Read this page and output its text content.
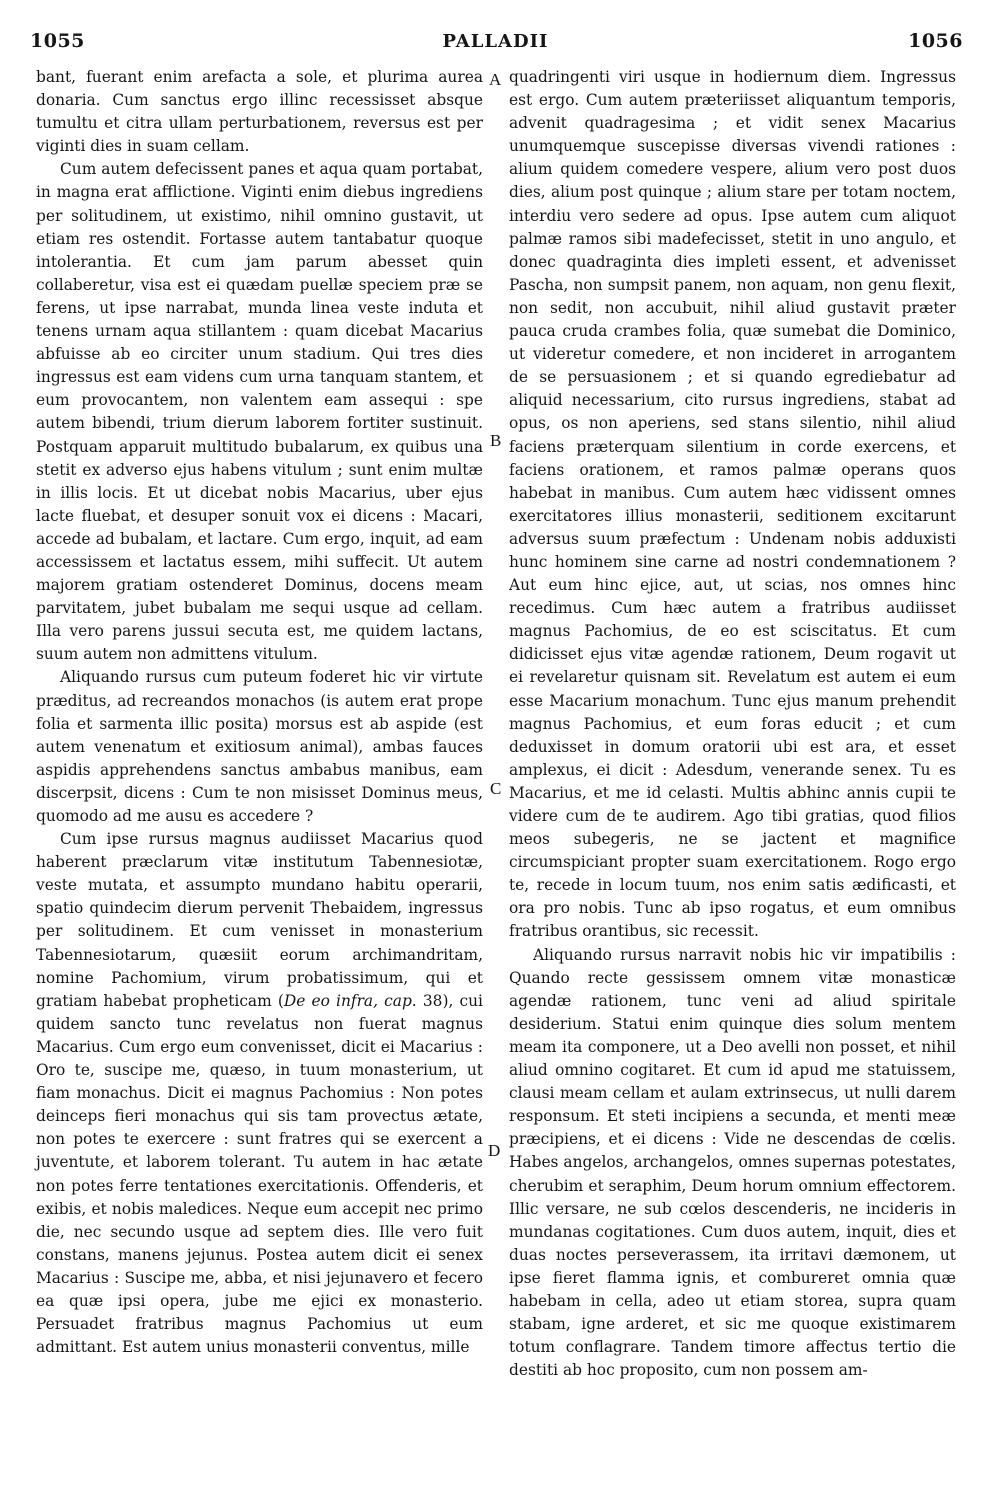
1055	PALLADII	1056

bant, fuerant enim arefacta a sole, et plurima aurea donaria. Cum sanctus ergo illinc recessisset absque tumultu et citra ullam perturbationem, reversus est per viginti dies in suam cellam.

Cum autem defecissent panes et aqua quam portabat, in magna erat afflictione. Viginti enim diebus ingrediens per solitudinem, ut existimo, nihil omnino gustavit, ut etiam res ostendit. Fortasse autem tantabatur quoque intolerantia. Et cum jam parum abesset quin collaberetur, visa est ei quædam puellæ speciem præ se ferens, ut ipse narrabat, munda linea veste induta et tenens urnam aqua stillantem : quam dicebat Macarius abfuisse ab eo circiter unum stadium. Qui tres dies ingressus est eam videns cum urna tanquam stantem, et eum provocantem, non valentem eam assequi : spe autem bibendi, trium dierum laborem fortiter sustinuit. Postquam apparuit multitudo bubalarum, ex quibus una stetit ex adverso ejus habens vitulum ; sunt enim multæ in illis locis. Et ut dicebat nobis Macarius, uber ejus lacte fluebat, et desuper sonuit vox ei dicens : Macari, accede ad bubalam, et lactare. Cum ergo, inquit, ad eam accessissem et lactatus essem, mihi suffecit. Ut autem majorem gratiam ostenderet Dominus, docens meam parvitatem, jubet bubalam me sequi usque ad cellam. Illa vero parens jussui secuta est, me quidem lactans, suum autem non admittens vitulum.

Aliquando rursus cum puteum foderet hic vir virtute præditus, ad recreandos monachos (is autem erat prope folia et sarmenta illic posita) morsus est ab aspide (est autem venenatum et exitiosum animal), ambas fauces aspidis apprehendens sanctus ambabus manibus, eam discerpsit, dicens : Cum te non misisset Dominus meus, quomodo ad me ausu es accedere ?

Cum ipse rursus magnus audiisset Macarius quod haberent præclarum vitæ institutum Tabennesiotæ, veste mutata, et assumpto mundano habitu operarii, spatio quindecim dierum pervenit Thebaidem, ingressus per solitudinem. Et cum venisset in monasterium Tabennesiotarum, quæsiit eorum archimandritam, nomine Pachomium, virum probatissimum, qui et gratiam habebat propheticam (De eo infra, cap. 38), cui quidem sancto tunc revelatus non fuerat magnus Macarius. Cum ergo eum convenisset, dicit ei Macarius : Oro te, suscipe me, quæso, in tuum monasterium, ut fiam monachus. Dicit ei magnus Pachomius : Non potes deinceps fieri monachus qui sis tam provectus ætate, non potes te exercere : sunt fratres qui se exercent a juventute, et laborem tolerant. Tu autem in hac ætate non potes ferre tentationes exercitationis. Offenderis, et exibis, et nobis maledices. Neque eum accepit nec primo die, nec secundo usque ad septem dies. Ille vero fuit constans, manens jejunus. Postea autem dicit ei senex Macarius : Suscipe me, abba, et nisi jejunavero et fecero ea quæ ipsi opera, jube me ejici ex monasterio. Persuadet fratribus magnus Pachomius ut eum admittant. Est autem unius monasterii conventus, mille

A
B
C
D

quadringenti viri usque in hodiernum diem. Ingressus est ergo. Cum autem præteriisset aliquantum temporis, advenit quadragesima ; et vidit senex Macarius unumquemque suscepisse diversas vivendi rationes : alium quidem comedere vespere, alium vero post duos dies, alium post quinque ; alium stare per totam noctem, interdiu vero sedere ad opus. Ipse autem cum aliquot palmæ ramos sibi madefecisset, stetit in uno angulo, et donec quadraginta dies impleti essent, et advenisset Pascha, non sumpsit panem, non aquam, non genu flexit, non sedit, non accubuit, nihil aliud gustavit præter pauca cruda crambes folia, quæ sumebat die Dominico, ut videretur comedere, et non incideret in arrogantem de se persuasionem ; et si quando egrediebatur ad aliquid necessarium, cito rursus ingrediens, stabat ad opus, os non aperiens, sed stans silentio, nihil aliud faciens præterquam silentium in corde exercens, et faciens orationem, et ramos palmæ operans quos habebat in manibus. Cum autem hæc vidissent omnes exercitatores illius monasterii, seditionem excitarunt adversus suum præfectum : Undenam nobis adduxisti hunc hominem sine carne ad nostri condemnationem ? Aut eum hinc ejice, aut, ut scias, nos omnes hinc recedimus. Cum hæc autem a fratribus audiisset magnus Pachomius, de eo est sciscitatus. Et cum didicisset ejus vitæ agendæ rationem, Deum rogavit ut ei revelaretur quisnam sit. Revelatum est autem ei eum esse Macarium monachum. Tunc ejus manum prehendit magnus Pachomius, et eum foras educit ; et cum deduxisset in domum oratorii ubi est ara, et esset amplexus, ei dicit : Adesdum, venerande senex. Tu es Macarius, et me id celasti. Multis abhinc annis cupii te videre cum de te audirem. Ago tibi gratias, quod filios meos subegeris, ne se jactent et magnifice circumspiciant propter suam exercitationem. Rogo ergo te, recede in locum tuum, nos enim satis ædificasti, et ora pro nobis. Tunc ab ipso rogatus, et eum omnibus fratribus orantibus, sic recessit.

Aliquando rursus narravit nobis hic vir impatibilis : Quando recte gessissem omnem vitæ monasticæ agendæ rationem, tunc veni ad aliud spiritale desiderium. Statui enim quinque dies solum mentem meam ita componere, ut a Deo avelli non posset, et nihil aliud omnino cogitaret. Et cum id apud me statuissem, clausi meam cellam et aulam extrinsecus, ut nulli darem responsum. Et steti incipiens a secunda, et menti meæ præcipiens, et ei dicens : Vide ne descendas de cœlis. Habes angelos, archangelos, omnes supernas potestates, cherubim et seraphim, Deum horum omnium effectorem. Illic versare, ne sub cœlos descenderis, ne incideris in mundanas cogitationes. Cum duos autem, inquit, dies et duas noctes perseverassem, ita irritavi dæmonem, ut ipse fieret flamma ignis, et combureret omnia quæ habebam in cella, adeo ut etiam storea, supra quam stabam, igne arderet, et sic me quoque existimarem totum conflagrare. Tandem timore affectus tertio die destiti ab hoc proposito, cum non possem am-
